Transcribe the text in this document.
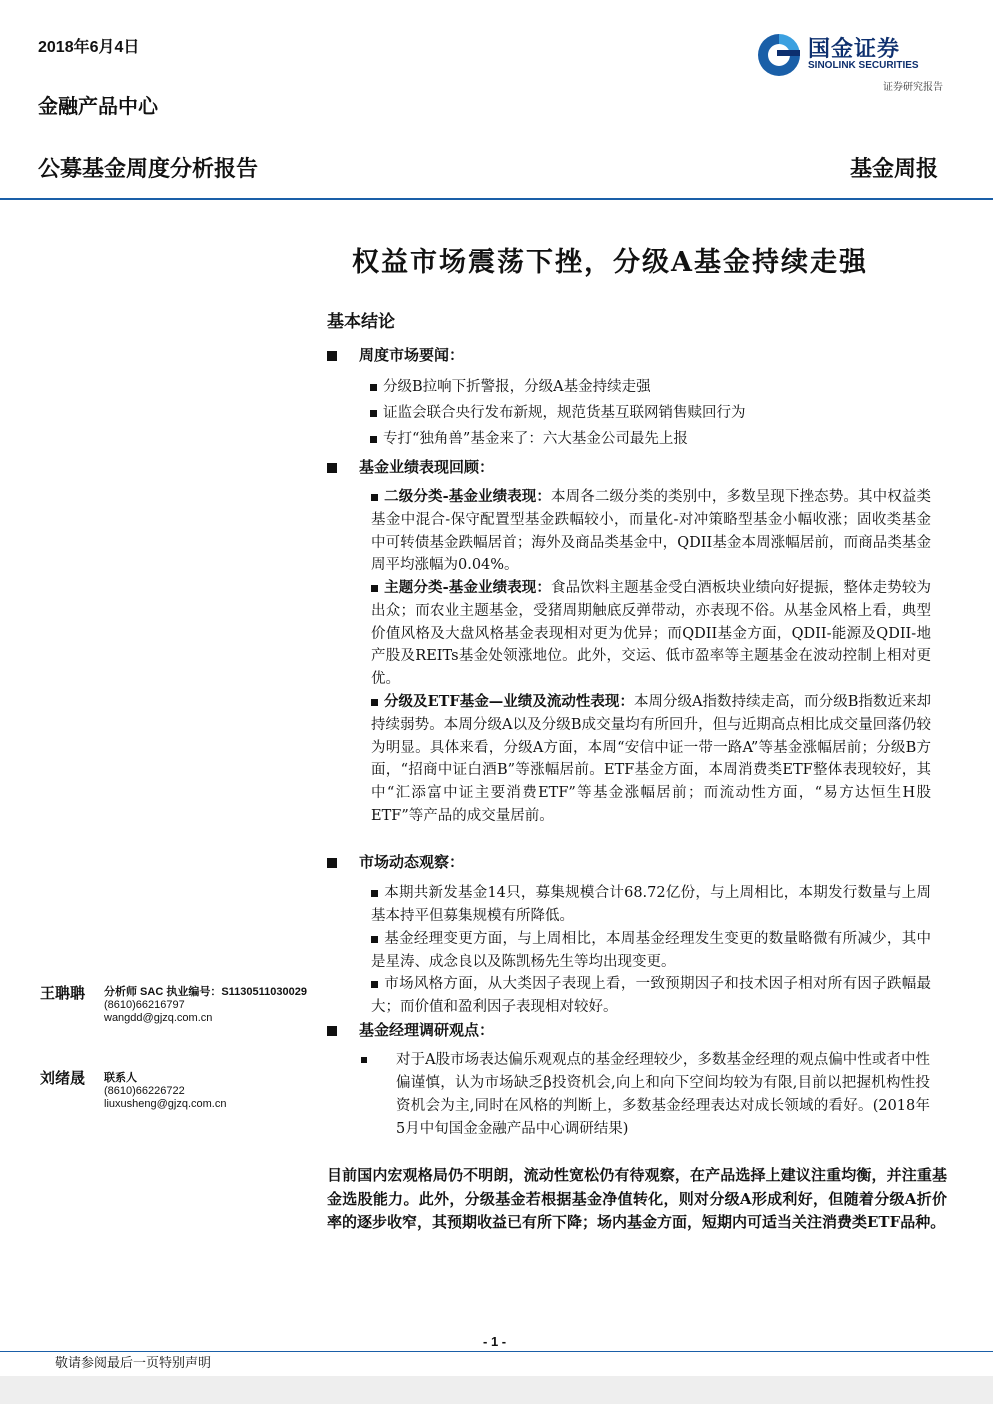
2018年6月4日
金融产品中心
公募基金周度分析报告	基金周报
国金证券
SINOLINK SECURITIES
证券研究报告
权益市场震荡下挫，分级A基金持续走强
基本结论
周度市场要闻：
分级B拉响下折警报，分级A基金持续走强
证监会联合央行发布新规，规范货基互联网销售赎回行为
专打“独角兽”基金来了：六大基金公司最先上报
基金业绩表现回顾：
二级分类-基金业绩表现：本周各二级分类的类别中，多数呈现下挫态势。其中权益类基金中混合-保守配置型基金跌幅较小，而量化-对冲策略型基金小幅收涨；固收类基金中可转债基金跌幅居首；海外及商品类基金中，QDII基金本周涨幅居前，而商品类基金周平均涨幅为0.04%。
主题分类-基金业绩表现：食品饮料主题基金受白酒板块业绩向好提振，整体走势较为出众；而农业主题基金，受猪周期触底反弹带动，亦表现不俗。从基金风格上看，典型价值风格及大盘风格基金表现相对更为优异；而QDII基金方面，QDII-能源及QDII-地产股及REITs基金处领涨地位。此外，交运、低市盈率等主题基金在波动控制上相对更优。
分级及ETF基金—业绩及流动性表现：本周分级A指数持续走高，而分级B指数近来却持续弱势。本周分级A以及分级B成交量均有所回升，但与近期高点相比成交量回落仍较为明显。具体来看，分级A方面，本周“安信中证一带一路A”等基金涨幅居前；分级B方面，“招商中证白酒B”等涨幅居前。ETF基金方面，本周消费类ETF整体表现较好，其中“汇添富中证主要消费ETF”等基金涨幅居前；而流动性方面，“易方达恒生H股ETF”等产品的成交量居前。
市场动态观察：
本期共新发基金14只，募集规模合计68.72亿份，与上周相比，本期发行数量与上周基本持平但募集规模有所降低。
基金经理变更方面，与上周相比，本周基金经理发生变更的数量略微有所减少，其中是星涛、成念良以及陈凯杨先生等均出现变更。
市场风格方面，从大类因子表现上看，一致预期因子和技术因子相对所有因子跌幅最大；而价值和盈利因子表现相对较好。
基金经理调研观点：
对于A股市场表达偏乐观观点的基金经理较少，多数基金经理的观点偏中性或者中性偏谨慎，认为市场缺乏β投资机会,向上和向下空间均较为有限,目前以把握机构性投资机会为主,同时在风格的判断上，多数基金经理表达对成长领域的看好。(2018年5月中旬国金金融产品中心调研结果)
目前国内宏观格局仍不明朗，流动性宽松仍有待观察，在产品选择上建议注重均衡，并注重基金选股能力。此外，分级基金若根据基金净值转化，则对分级A形成利好，但随着分级A折价率的逐步收窄，其预期收益已有所下降；场内基金方面，短期内可适当关注消费类ETF品种。
王聃聃 分析师 SAC 执业编号：S1130511030029
(8610)66216797
wangdd@gjzq.com.cn
刘绪晟 联系人
(8610)66226722
liuxusheng@gjzq.com.cn
- 1 -
敬请参阅最后一页特别声明
